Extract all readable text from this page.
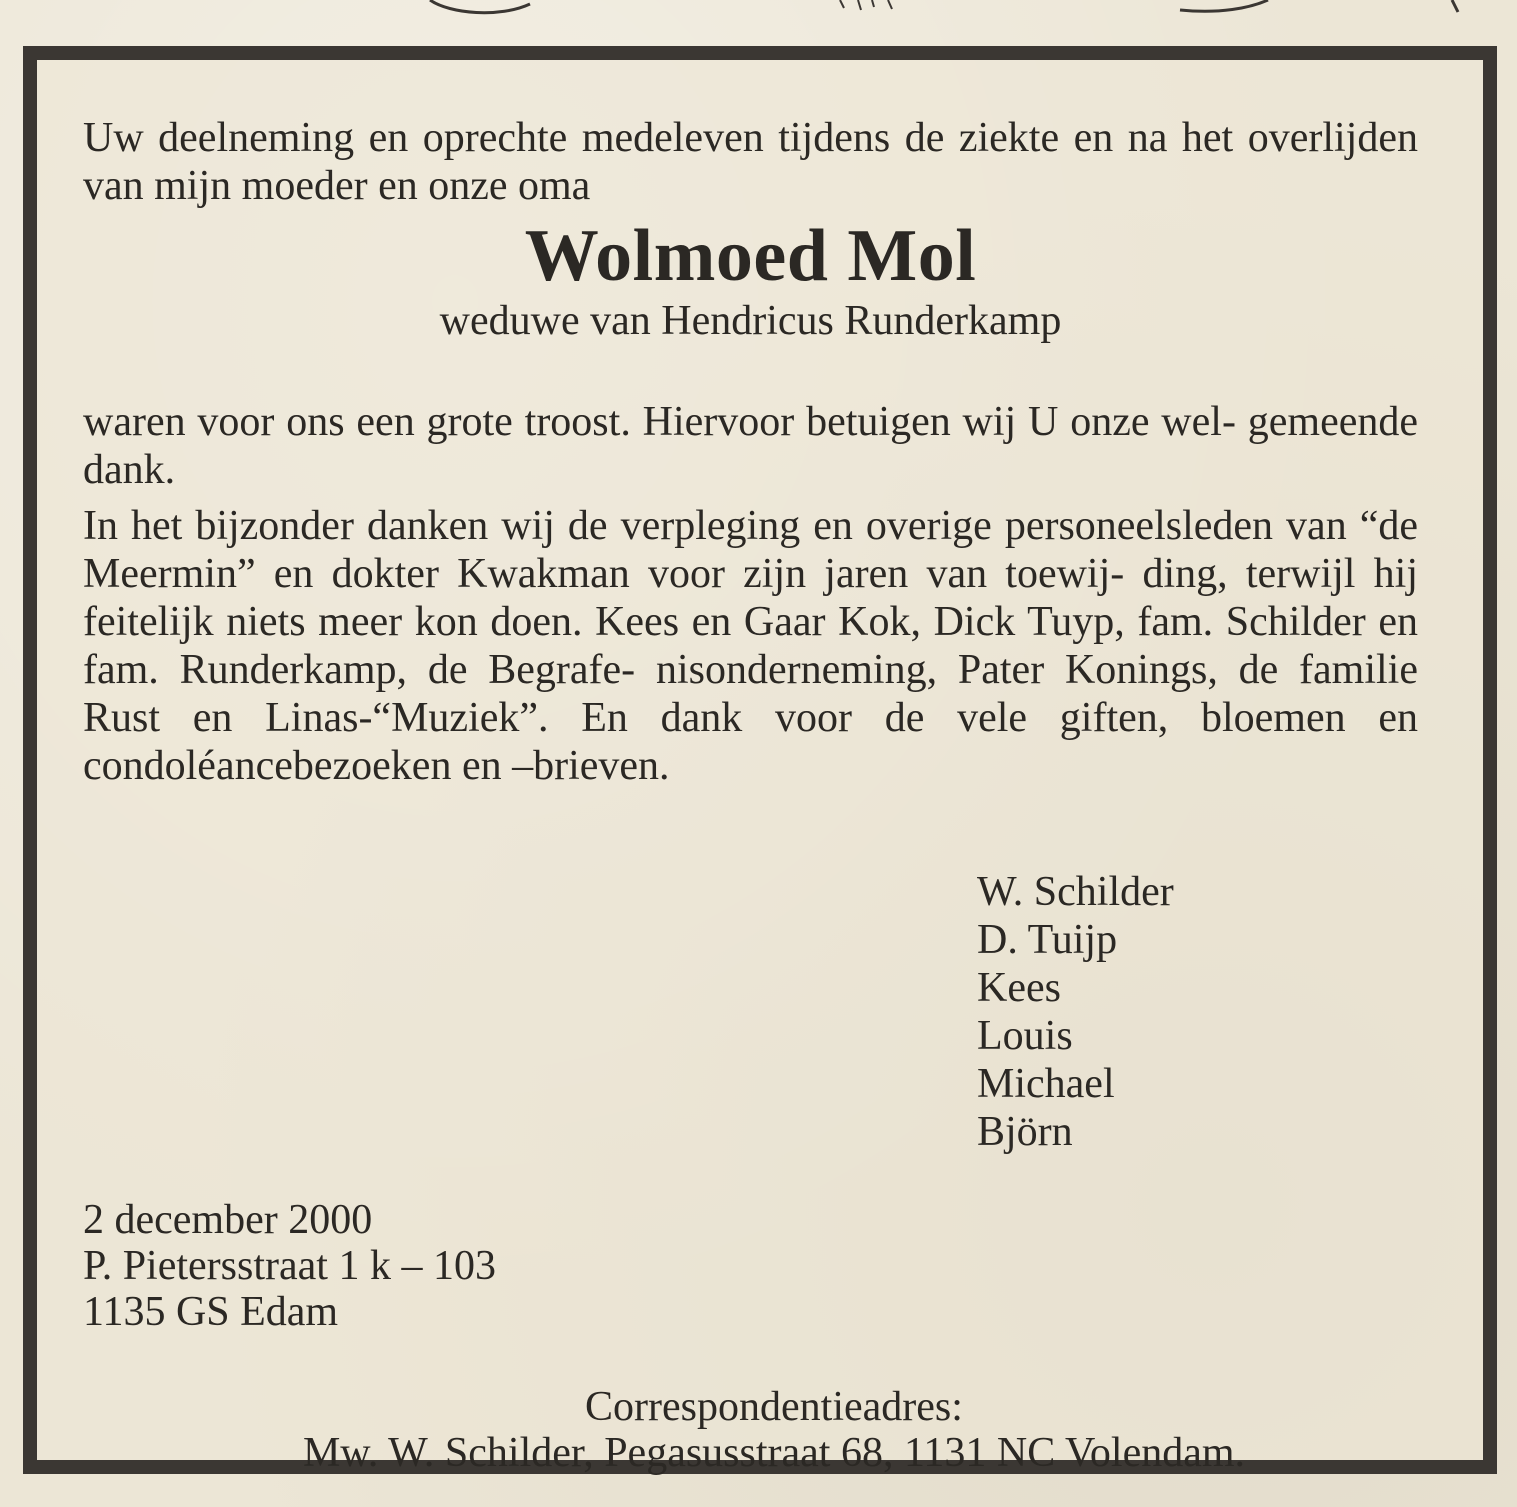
Uw deelneming en oprechte medeleven tijdens de ziekte en na het overlijden van mijn moeder en onze oma

Wolmoed Mol
weduwe van Hendricus Runderkamp

waren voor ons een grote troost. Hiervoor betuigen wij U onze wel- gemeende dank.

In het bijzonder danken wij de verpleging en overige personeelsleden van “de Meermin” en dokter Kwakman voor zijn jaren van toewij- ding, terwijl hij feitelijk niets meer kon doen. Kees en Gaar Kok, Dick Tuyp, fam. Schilder en fam. Runderkamp, de Begrafe- nisonderneming, Pater Konings, de familie Rust en Linas-“Muziek”. En dank voor de vele giften, bloemen en condoléancebezoeken en –brieven.

W. Schilder
D. Tuijp
Kees
Louis
Michael
Björn
2 december 2000
P. Pietersstraat 1 k – 103
1135 GS Edam
Correspondentieadres:
Mw. W. Schilder, Pegasusstraat 68, 1131 NC Volendam.
